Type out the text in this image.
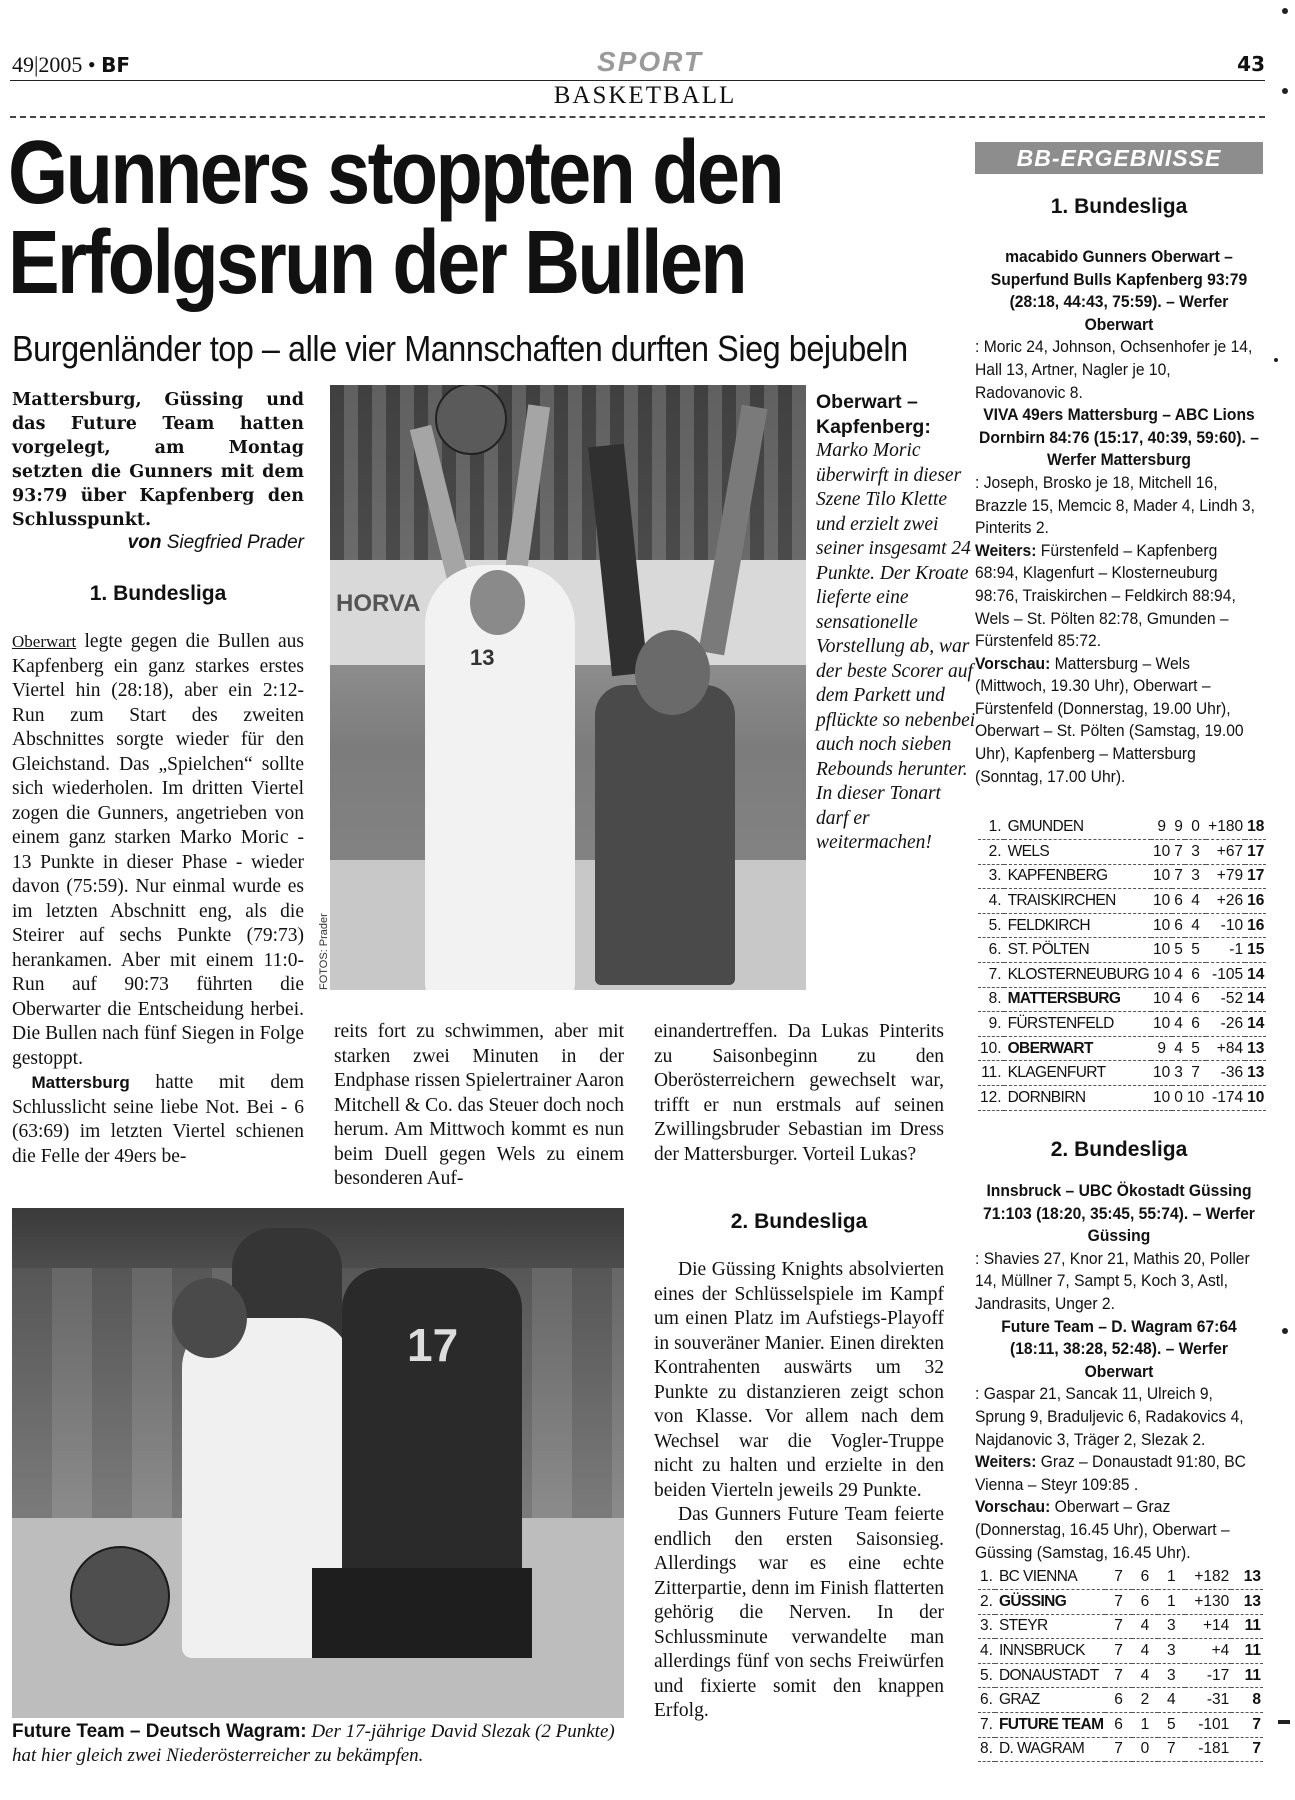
49|2005 • BF	SPORT	43
BASKETBALL
Gunners stoppten den
Erfolgsrun der Bullen
Burgenländer top – alle vier Mannschaften durften Sieg bejubeln
Mattersburg, Güssing und das Future Team hatten vorgelegt, am Montag setzten die Gunners mit dem 93:79 über Kapfenberg den Schlusspunkt.
von Siegfried Prader
1. Bundesliga
Oberwart legte gegen die Bullen aus Kapfenberg ein ganz starkes erstes Viertel hin (28:18), aber ein 2:12-Run zum Start des zweiten Abschnittes sorgte wieder für den Gleichstand. Das „Spielchen“ sollte sich wiederholen. Im dritten Viertel zogen die Gunners, angetrieben von einem ganz starken Marko Moric - 13 Punkte in dieser Phase - wieder davon (75:59). Nur einmal wurde es im letzten Abschnitt eng, als die Steirer auf sechs Punkte (79:73) herankamen. Aber mit einem 11:0-Run auf 90:73 führten die Oberwarter die Entscheidung herbei. Die Bullen nach fünf Siegen in Folge gestoppt.
 Mattersburg hatte mit dem Schlusslicht seine liebe Not. Bei - 6 (63:69) im letzten Viertel schienen die Felle der 49ers be-
HORVA
13
FOTOS: Prader
Oberwart – Kapfenberg:
Marko Moric überwirft in dieser Szene Tilo Klette und erzielt zwei seiner insgesamt 24 Punkte. Der Kroate lieferte eine sensationelle Vorstellung ab, war der beste Scorer auf dem Parkett und pflückte so nebenbei auch noch sieben Rebounds herunter. In dieser Tonart darf er weitermachen!
reits fort zu schwimmen, aber mit starken zwei Minuten in der Endphase rissen Spielertrainer Aaron Mitchell & Co. das Steuer doch noch herum. Am Mittwoch kommt es nun beim Duell gegen Wels zu einem besonderen Auf-
einandertreffen. Da Lukas Pinterits zu Saisonbeginn zu den Oberösterreichern gewechselt war, trifft er nun erstmals auf seinen Zwillingsbruder Sebastian im Dress der Mattersburger. Vorteil Lukas?
2. Bundesliga
Die Güssing Knights absolvierten eines der Schlüsselspiele im Kampf um einen Platz im Aufstiegs-Playoff in souveräner Manier. Einen direkten Kontrahenten auswärts um 32 Punkte zu distanzieren zeigt schon von Klasse. Vor allem nach dem Wechsel war die Vogler-Truppe nicht zu halten und erzielte in den beiden Vierteln jeweils 29 Punkte.
Das Gunners Future Team feierte endlich den ersten Saisonsieg. Allerdings war es eine echte Zitterpartie, denn im Finish flatterten gehörig die Nerven. In der Schlussminute verwandelte man allerdings fünf von sechs Freiwürfen und fixierte somit den knappen Erfolg.
17
Future Team – Deutsch Wagram: Der 17-jährige David Slezak (2 Punkte) hat hier gleich zwei Niederösterreicher zu bekämpfen.
BB-ERGEBNISSE
1. Bundesliga
macabido Gunners Oberwart – Superfund Bulls Kapfenberg 93:79 (28:18, 44:43, 75:59). – Werfer Oberwart
: Moric 24, Johnson, Ochsenhofer je 14, Hall 13, Artner, Nagler je 10, Radovanovic 8.
VIVA 49ers Mattersburg – ABC Lions Dornbirn 84:76 (15:17, 40:39, 59:60). – Werfer Mattersburg
: Joseph, Brosko je 18, Mitchell 16, Brazzle 15, Memcic 8, Mader 4, Lindh 3, Pinterits 2.
Weiters: Fürstenfeld – Kapfenberg 68:94, Klagenfurt – Klosterneuburg 98:76, Traiskirchen – Feldkirch 88:94, Wels – St. Pölten 82:78, Gmunden – Fürstenfeld 85:72.
Vorschau: Mattersburg – Wels (Mittwoch, 19.30 Uhr), Oberwart – Fürstenfeld (Donnerstag, 19.00 Uhr), Oberwart – St. Pölten (Samstag, 19.00 Uhr), Kapfenberg – Mattersburg (Sonntag, 17.00 Uhr).
1.	GMUNDEN	9	9	0	+180	18
2.	WELS	10	7	3	+67	17
3.	KAPFENBERG	10	7	3	+79	17
4.	TRAISKIRCHEN	10	6	4	+26	16
5.	FELDKIRCH	10	6	4	-10	16
6.	ST. PÖLTEN	10	5	5	-1	15
7.	KLOSTERNEUBURG	10	4	6	-105	14
8.	MATTERSBURG	10	4	6	-52	14
9.	FÜRSTENFELD	10	4	6	-26	14
10.	OBERWART	9	4	5	+84	13
11.	KLAGENFURT	10	3	7	-36	13
12.	DORNBIRN	10	0	10	-174	10
2. Bundesliga
Innsbruck – UBC Ökostadt Güssing 71:103 (18:20, 35:45, 55:74). – Werfer Güssing
: Shavies 27, Knor 21, Mathis 20, Poller 14, Müllner 7, Sampt 5, Koch 3, Astl, Jandrasits, Unger 2.
Future Team – D. Wagram 67:64 (18:11, 38:28, 52:48). – Werfer Oberwart
: Gaspar 21, Sancak 11, Ulreich 9, Sprung 9, Braduljevic 6, Radakovics 4, Najdanovic 3, Träger 2, Slezak 2.
Weiters: Graz – Donaustadt 91:80, BC Vienna – Steyr 109:85 .
Vorschau: Oberwart – Graz (Donnerstag, 16.45 Uhr), Oberwart – Güssing (Samstag, 16.45 Uhr).
1.	BC VIENNA	7	6	1	+182	13
2.	GÜSSING	7	6	1	+130	13
3.	STEYR	7	4	3	+14	11
4.	INNSBRUCK	7	4	3	+4	11
5.	DONAUSTADT	7	4	3	-17	11
6.	GRAZ	6	2	4	-31	8
7.	FUTURE TEAM	6	1	5	-101	7
8.	D. WAGRAM	7	0	7	-181	7
